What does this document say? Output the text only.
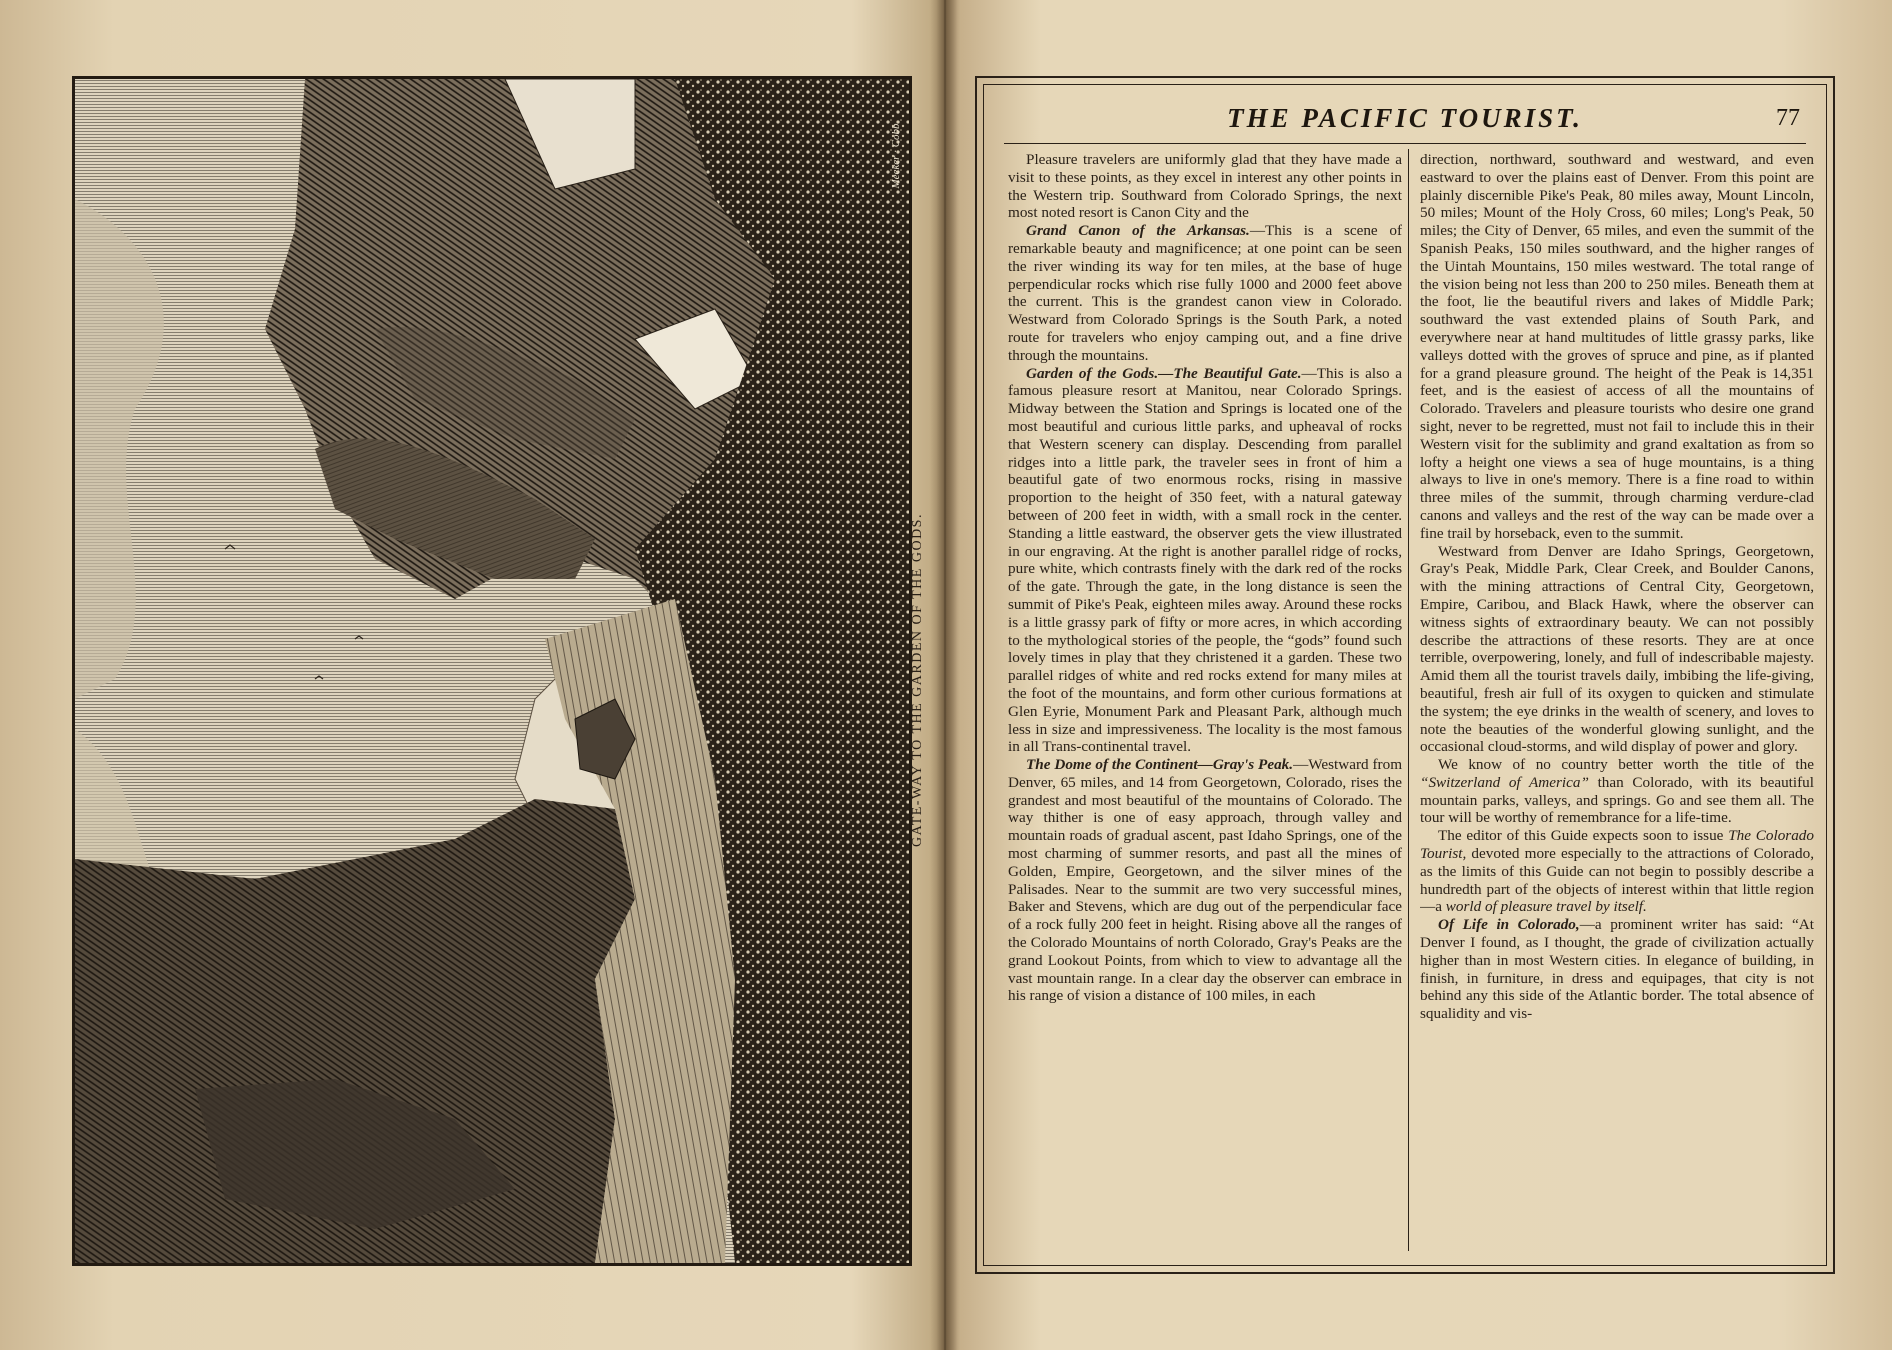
Meeker · Cobb
GATE-WAY TO THE GARDEN OF THE GODS.
THE PACIFIC TOURIST.	77

Pleasure travelers are uniformly glad that they have made a visit to these points, as they excel in interest any other points in the Western trip. Southward from Colorado Springs, the next most noted resort is Canon City and the

Grand Canon of the Arkansas.—This is a scene of remarkable beauty and magnificence; at one point can be seen the river winding its way for ten miles, at the base of huge perpendicular rocks which rise fully 1000 and 2000 feet above the current. This is the grandest canon view in Colorado. Westward from Colorado Springs is the South Park, a noted route for travelers who enjoy camping out, and a fine drive through the mountains.

Garden of the Gods.—The Beautiful Gate.—This is also a famous pleasure resort at Manitou, near Colorado Springs. Midway between the Station and Springs is located one of the most beautiful and curious little parks, and upheaval of rocks that Western scenery can display. Descending from parallel ridges into a little park, the traveler sees in front of him a beautiful gate of two enormous rocks, rising in massive proportion to the height of 350 feet, with a natural gateway between of 200 feet in width, with a small rock in the center. Standing a little eastward, the observer gets the view illustrated in our engraving. At the right is another parallel ridge of rocks, pure white, which contrasts finely with the dark red of the rocks of the gate. Through the gate, in the long distance is seen the summit of Pike's Peak, eighteen miles away. Around these rocks is a little grassy park of fifty or more acres, in which according to the mythological stories of the people, the “gods” found such lovely times in play that they christened it a garden. These two parallel ridges of white and red rocks extend for many miles at the foot of the mountains, and form other curious formations at Glen Eyrie, Monument Park and Pleasant Park, although much less in size and impressiveness. The locality is the most famous in all Trans-continental travel.

The Dome of the Continent—Gray's Peak.—Westward from Denver, 65 miles, and 14 from Georgetown, Colorado, rises the grandest and most beautiful of the mountains of Colorado. The way thither is one of easy approach, through valley and mountain roads of gradual ascent, past Idaho Springs, one of the most charming of summer resorts, and past all the mines of Golden, Empire, Georgetown, and the silver mines of the Palisades. Near to the summit are two very successful mines, Baker and Stevens, which are dug out of the perpendicular face of a rock fully 200 feet in height. Rising above all the ranges of the Colorado Mountains of north Colorado, Gray's Peaks are the grand Lookout Points, from which to view to advantage all the vast mountain range. In a clear day the observer can embrace in his range of vision a distance of 100 miles, in each

direction, northward, southward and westward, and even eastward to over the plains east of Denver. From this point are plainly discernible Pike's Peak, 80 miles away, Mount Lincoln, 50 miles; Mount of the Holy Cross, 60 miles; Long's Peak, 50 miles; the City of Denver, 65 miles, and even the summit of the Spanish Peaks, 150 miles southward, and the higher ranges of the Uintah Mountains, 150 miles westward. The total range of the vision being not less than 200 to 250 miles. Beneath them at the foot, lie the beautiful rivers and lakes of Middle Park; southward the vast extended plains of South Park, and everywhere near at hand multitudes of little grassy parks, like valleys dotted with the groves of spruce and pine, as if planted for a grand pleasure ground. The height of the Peak is 14,351 feet, and is the easiest of access of all the mountains of Colorado. Travelers and pleasure tourists who desire one grand sight, never to be regretted, must not fail to include this in their Western visit for the sublimity and grand exaltation as from so lofty a height one views a sea of huge mountains, is a thing always to live in one's memory. There is a fine road to within three miles of the summit, through charming verdure-clad canons and valleys and the rest of the way can be made over a fine trail by horseback, even to the summit.

Westward from Denver are Idaho Springs, Georgetown, Gray's Peak, Middle Park, Clear Creek, and Boulder Canons, with the mining attractions of Central City, Georgetown, Empire, Caribou, and Black Hawk, where the observer can witness sights of extraordinary beauty. We can not possibly describe the attractions of these resorts. They are at once terrible, overpowering, lonely, and full of indescribable majesty. Amid them all the tourist travels daily, imbibing the life-giving, beautiful, fresh air full of its oxygen to quicken and stimulate the system; the eye drinks in the wealth of scenery, and loves to note the beauties of the wonderful glowing sunlight, and the occasional cloud-storms, and wild display of power and glory.

We know of no country better worth the title of the “Switzerland of America” than Colorado, with its beautiful mountain parks, valleys, and springs. Go and see them all. The tour will be worthy of remembrance for a life-time.

The editor of this Guide expects soon to issue The Colorado Tourist, devoted more especially to the attractions of Colorado, as the limits of this Guide can not begin to possibly describe a hundredth part of the objects of interest within that little region—a world of pleasure travel by itself.

Of Life in Colorado,—a prominent writer has said: “At Denver I found, as I thought, the grade of civilization actually higher than in most Western cities. In elegance of building, in finish, in furniture, in dress and equipages, that city is not behind any this side of the Atlantic border. The total absence of squalidity and vis-
